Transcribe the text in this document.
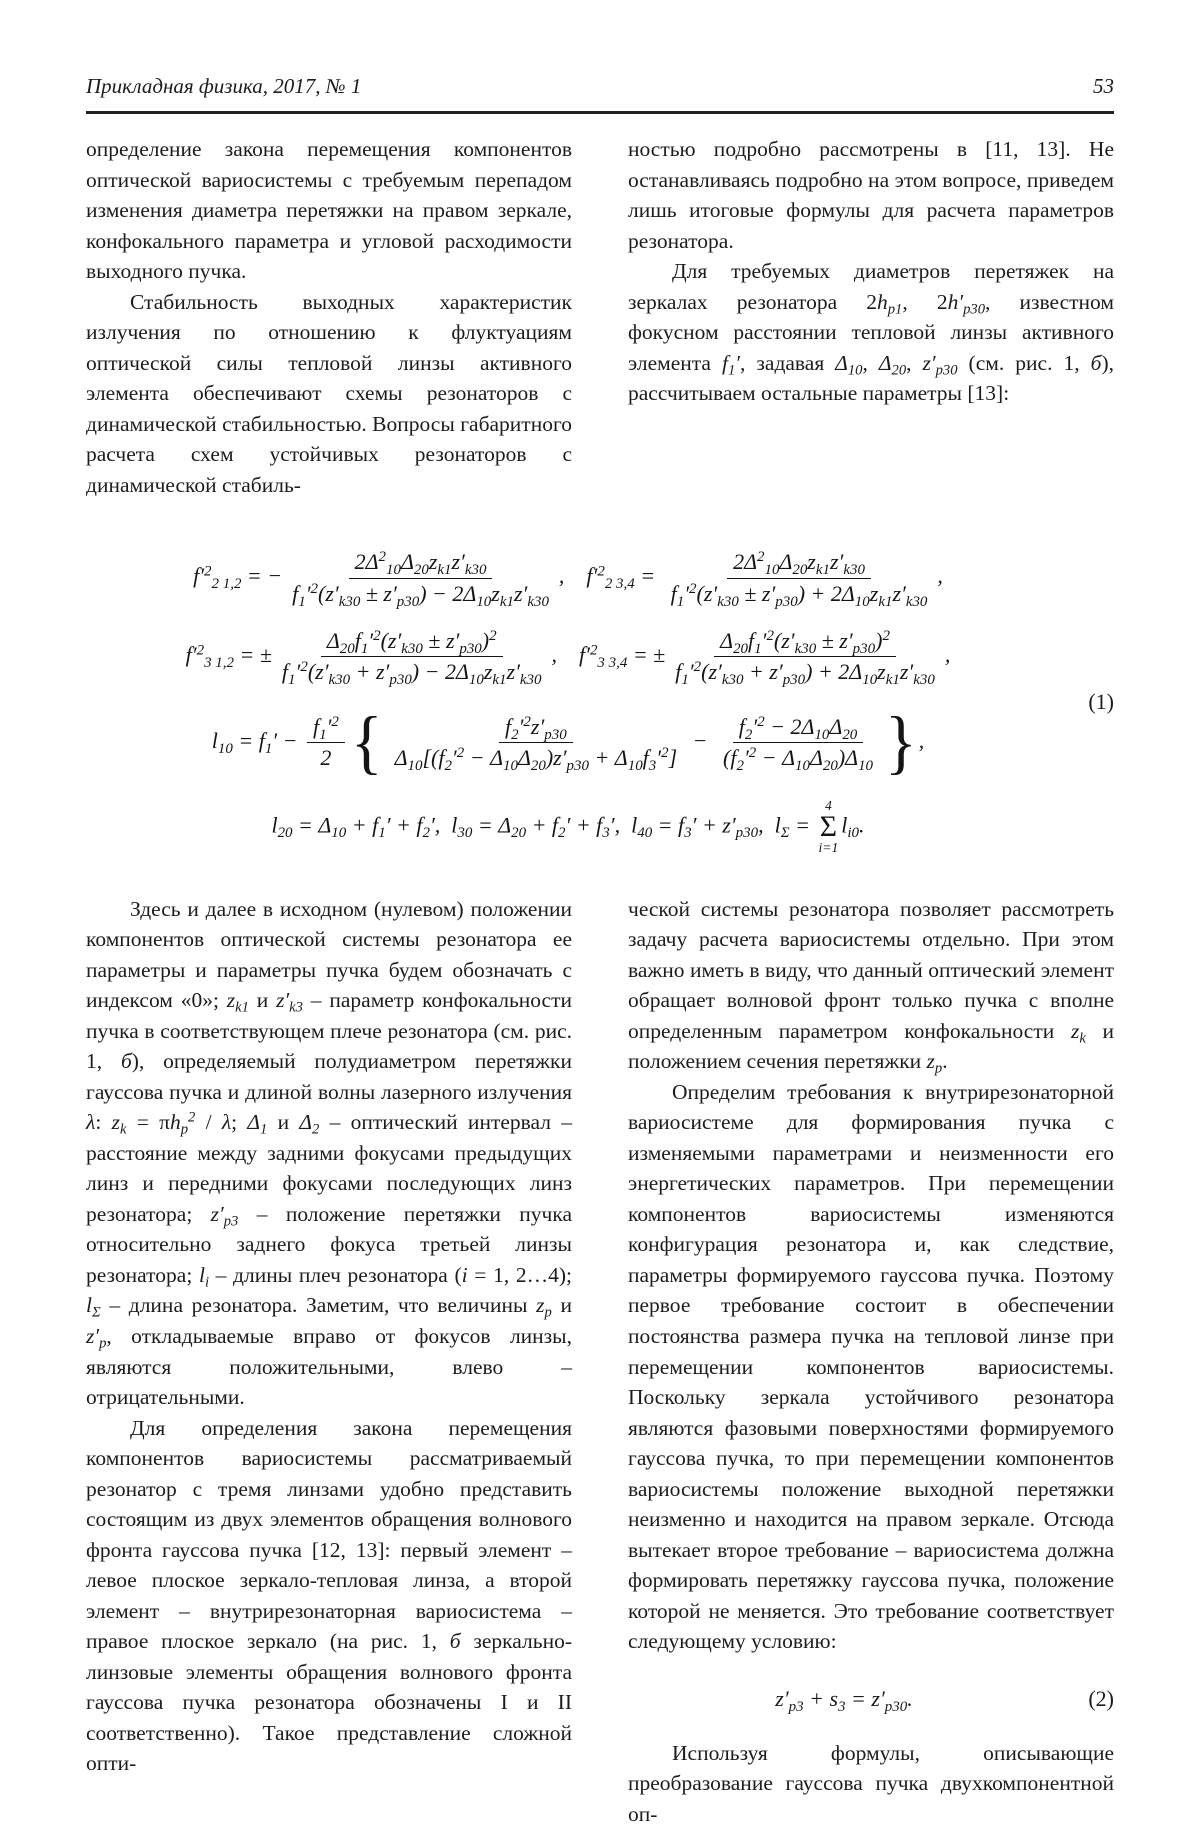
Прикладная физика, 2017, № 1	53

определение закона перемещения компонентов оптической вариосистемы с требуемым перепадом изменения диаметра перетяжки на правом зеркале, конфокального параметра и угловой расходимости выходного пучка.

Стабильность выходных характеристик излучения по отношению к флуктуациям оптической силы тепловой линзы активного элемента обеспечивают схемы резонаторов с динамической стабильностью. Вопросы габаритного расчета схем устойчивых резонаторов с динамической стабиль-

ностью подробно рассмотрены в [11, 13]. Не останавливаясь подробно на этом вопросе, приведем лишь итоговые формулы для расчета параметров резонатора.

Для требуемых диаметров перетяжек на зеркалах резонатора $2h_{p1}$, $2h'_{p30}$, известном фокусном расстоянии тепловой линзы активного элемента $f_1'$, задавая $\Delta_{10}$, $\Delta_{20}$, $z'_{p30}$ (см. рис. 1, б), рассчитываем остальные параметры [13]:

$f'^2_{2 1,2}$ = − $\frac{2\Delta^2_{10}\Delta_{20}z_{k1}z'_{k30}}{f_1'^2(z'_{k30} \pm z'_{p30}) - 2\Delta_{10}z_{k1}z'_{k30}}$ , $f'^2_{2 3,4} = \frac{2\Delta^2_{10}\Delta_{20}z_{k1}z'_{k30}}{f_1'^2(z'_{k30} \pm z'_{p30}) + 2\Delta_{10}z_{k1}z'_{k30}}$ ,
$f'^2_{3 1,2}$ = ± $\frac{\Delta_{20}f_1'^2(z'_{k30} \pm z'_{p30})^2}{f_1'^2(z'_{k30} + z'_{p30}) - 2\Delta_{10}z_{k1}z'_{k30}}$ , $f'^2_{3 3,4}$ = ± $\frac{\Delta_{20}f_1'^2(z'_{k30} \pm z'_{p30})^2}{f_1'^2(z'_{k30} + z'_{p30}) + 2\Delta_{10}z_{k1}z'_{k30}}$ ,
$l_{10} = f_1' - \frac{f_1'^2}{2}$ { $\frac{f_2'^2z'_{p30}}{\Delta_{10}[(f_2'^2 - \Delta_{10}\Delta_{20})z'_{p30} + \Delta_{10}f_3'^2]} - \frac{f_2'^2 - 2\Delta_{10}\Delta_{20}}{(f_2'^2 - \Delta_{10}\Delta_{20})\Delta_{10}}$ },
$l_{20} = \Delta_{10} + f_1' + f_2'$, $l_{30} = \Delta_{20} + f_2' + f_3'$, $l_{40} = f_3' + z'_{p30}$, $l_\Sigma$ =
4
Σ
i=1
$l_{i0}$.
(1)

Здесь и далее в исходном (нулевом) положении компонентов оптической системы резонатора ее параметры и параметры пучка будем обозначать с индексом «0»; $z_{k1}$ и $z'_{k3}$ – параметр конфокальности пучка в соответствующем плече резонатора (см. рис. 1, б), определяемый полудиаметром перетяжки гауссова пучка и длиной волны лазерного излучения λ: $z_k = \pi h_p^2 / \lambda$; $\Delta_1$ и $\Delta_2$ – оптический интервал – расстояние между задними фокусами предыдущих линз и передними фокусами последующих линз резонатора; $z'_{p3}$ – положение перетяжки пучка относительно заднего фокуса третьей линзы резонатора; $l_i$ – длины плеч резонатора (i = 1, 2…4); $l_\Sigma$ – длина резонатора. Заметим, что величины $z_p$ и $z'_p$, откладываемые вправо от фокусов линзы, являются положительными, влево – отрицательными.

Для определения закона перемещения компонентов вариосистемы рассматриваемый резонатор с тремя линзами удобно представить состоящим из двух элементов обращения волнового фронта гауссова пучка [12, 13]: первый элемент – левое плоское зеркало-тепловая линза, а второй элемент – внутрирезонаторная вариосистема – правое плоское зеркало (на рис. 1, б зеркально-линзовые элементы обращения волнового фронта гауссова пучка резонатора обозначены I и II соответственно). Такое представление сложной опти-

ческой системы резонатора позволяет рассмотреть задачу расчета вариосистемы отдельно. При этом важно иметь в виду, что данный оптический элемент обращает волновой фронт только пучка с вполне определенным параметром конфокальности $z_k$ и положением сечения перетяжки $z_p$.

Определим требования к внутрирезонаторной вариосистеме для формирования пучка с изменяемыми параметрами и неизменности его энергетических параметров. При перемещении компонентов вариосистемы изменяются конфигурация резонатора и, как следствие, параметры формируемого гауссова пучка. Поэтому первое требование состоит в обеспечении постоянства размера пучка на тепловой линзе при перемещении компонентов вариосистемы. Поскольку зеркала устойчивого резонатора являются фазовыми поверхностями формируемого гауссова пучка, то при перемещении компонентов вариосистемы положение выходной перетяжки неизменно и находится на правом зеркале. Отсюда вытекает второе требование – вариосистема должна формировать перетяжку гауссова пучка, положение которой не меняется. Это требование соответствует следующему условию:

$z'_{p3} + s_3 = z'_{p30}$.	(2)

Используя формулы, описывающие преобразование гауссова пучка двухкомпонентной оп-
